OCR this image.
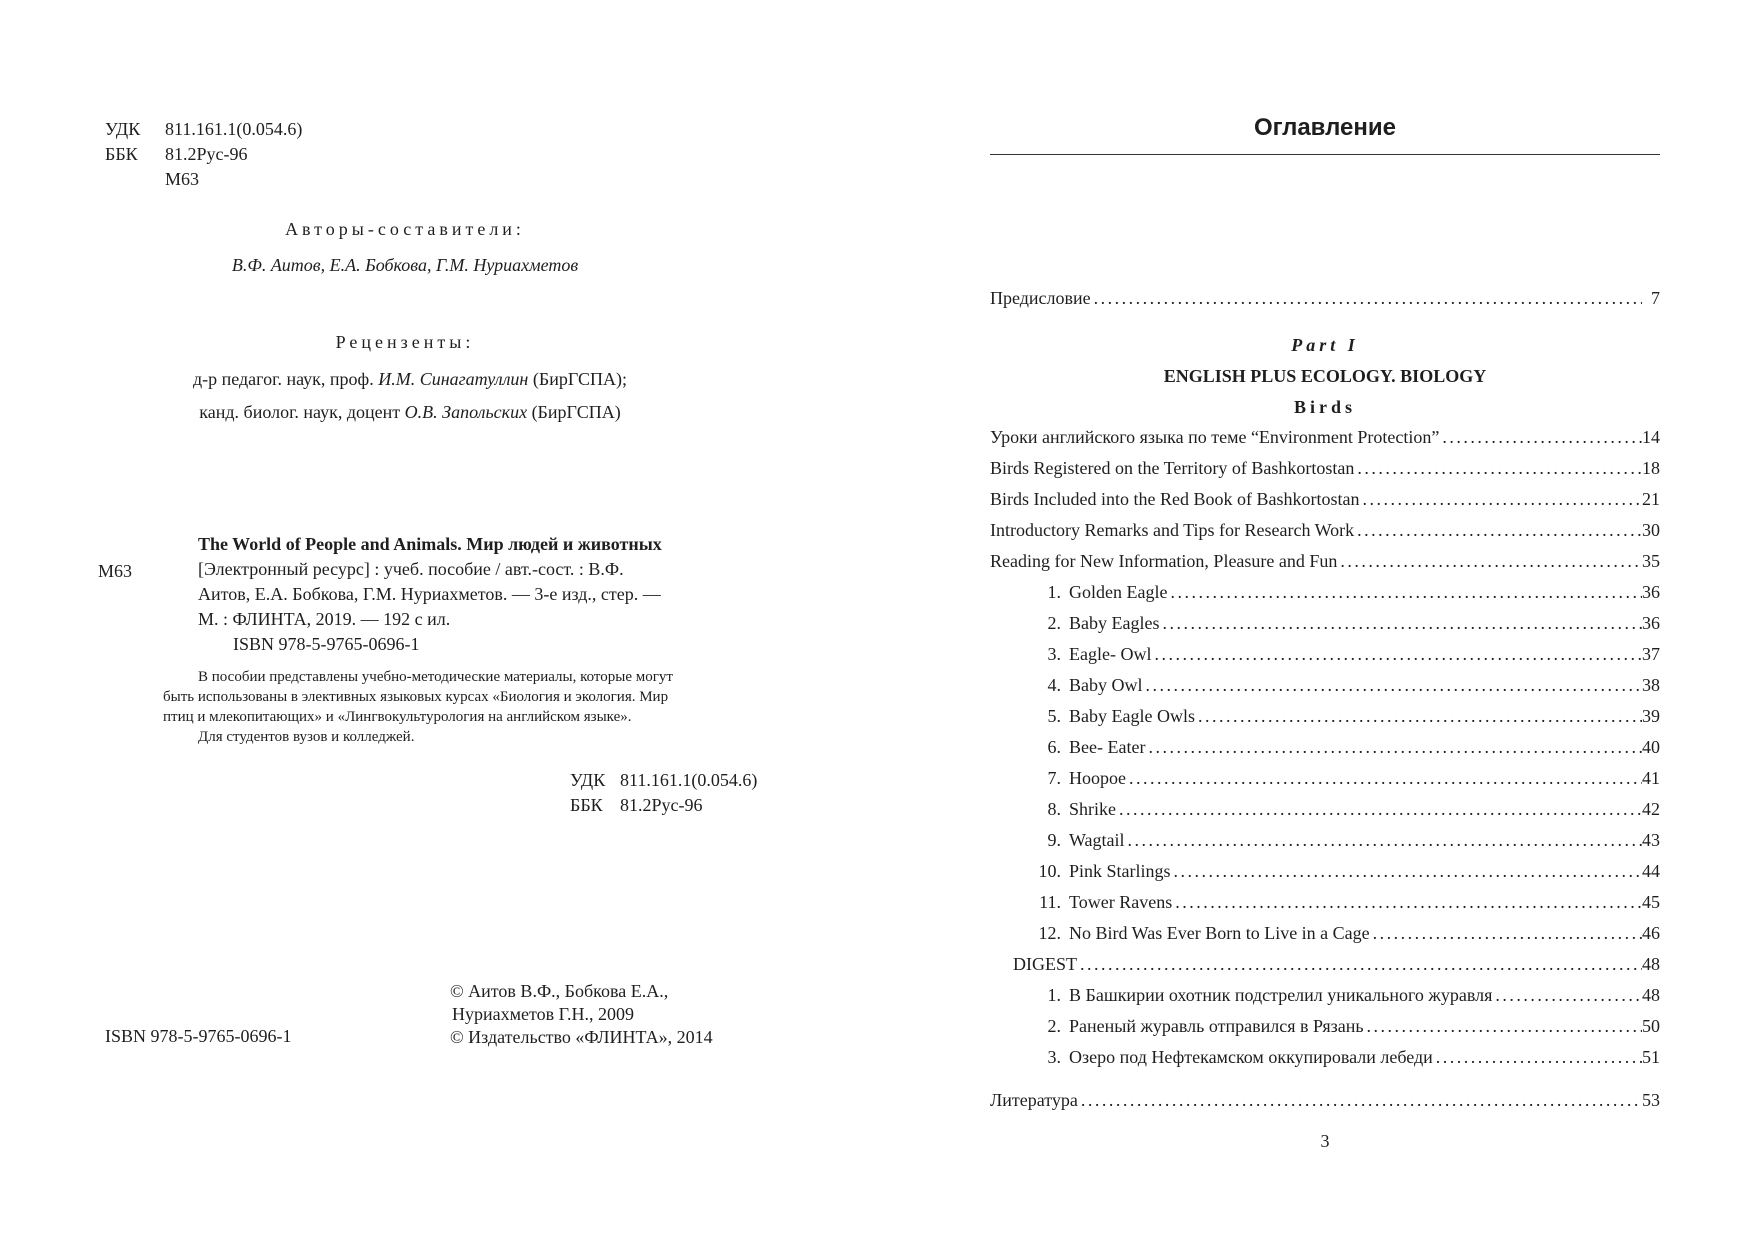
УДК	811.161.1(0.054.6)
ББК	81.2Рус-96
М63
Авторы-составители:
В.Ф. Аитов, Е.А. Бобкова, Г.М. Нуриахметов
Рецензенты:
д-р педагог. наук, проф. И.М. Синагатуллин (БирГСПА);
канд. биолог. наук, доцент О.В. Запольских (БирГСПА)
The World of People and Animals. Мир людей и животных
М63	[Электронный ресурс] : учеб. пособие / авт.-сост. : В.Ф.
Аитов, Е.А. Бобкова, Г.М. Нуриахметов. — 3-е изд., стер. —
М. : ФЛИНТА, 2019. — 192 с ил.
ISBN 978-5-9765-0696-1
В пособии представлены учебно-методические материалы, которые могут
быть использованы в элективных языковых курсах «Биология и экология. Мир
птиц и млекопитающих» и «Лингвокультурология на английском языке».
Для студентов вузов и колледжей.
УДК 811.161.1(0.054.6)
ББК 81.2Рус-96
ISBN 978-5-9765-0696-1
© Аитов В.Ф., Бобкова Е.А.,
Нуриахметов Г.Н., 2009
© Издательство «ФЛИНТА», 2014
Оглавление
Предисловие . . .	7
Part I
ENGLISH PLUS ECOLOGY. BIOLOGY
Birds
Уроки английского языка по теме “Environment Protection” . . .	14
Birds Registered on the Territory of Bashkortostan . . .	18
Birds Included into the Red Book of Bashkortostan . . .	21
Introductory Remarks and Tips for Research Work . . .	30
Reading for New Information, Pleasure and Fun . . .	35
1. Golden Eagle . . .	36
2. Baby Eagles . . .	36
3. Eagle- Owl . . .	37
4. Baby Owl . . .	38
5. Baby Eagle Owls . . .	39
6. Bee- Eater . . .	40
7. Hoopoe . . .	41
8. Shrike . . .	42
9. Wagtail . . .	43
10. Pink Starlings . . .	44
11. Tower Ravens . . .	45
12. No Bird Was Ever Born to Live in a Cage . . .	46
DIGEST . . .	48
1. В Башкирии охотник подстрелил уникального журавля . . .	48
2. Раненый журавль отправился в Рязань . . .	50
3. Озеро под Нефтекамском оккупировали лебеди . . .	51
Литература . . .	53
3
